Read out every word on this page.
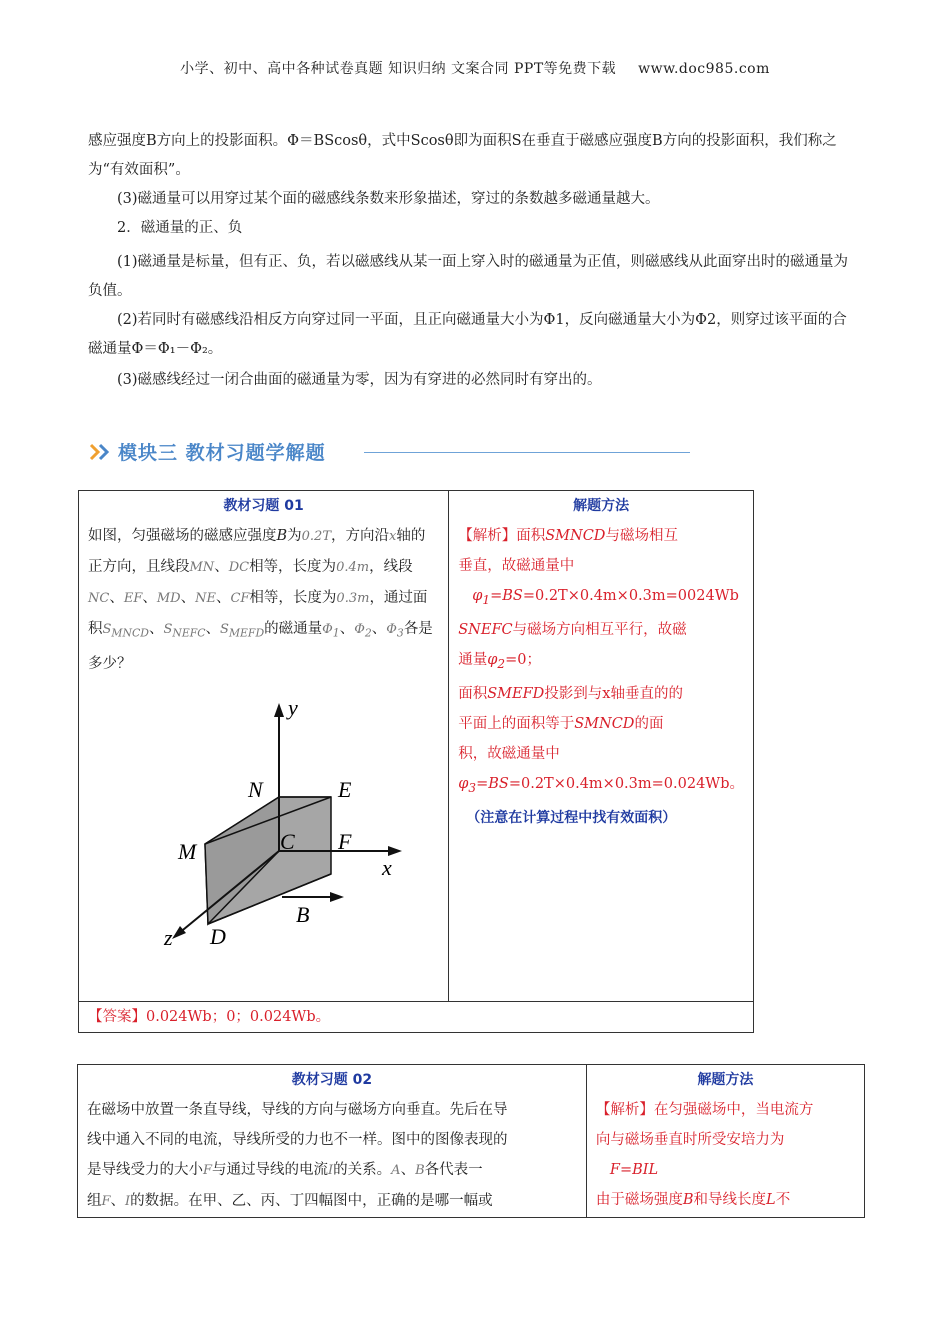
小学、初中、高中各种试卷真题 知识归纳 文案合同 PPT等免费下载 www.doc985.com
感应强度B方向上的投影面积。Φ＝BScosθ，式中Scosθ即为面积S在垂直于磁感应强度B方向的投影面积，我们称之为“有效面积”。
(3)磁通量可以用穿过某个面的磁感线条数来形象描述，穿过的条数越多磁通量越大。
2．磁通量的正、负
(1)磁通量是标量，但有正、负，若以磁感线从某一面上穿入时的磁通量为正值，则磁感线从此面穿出时的磁通量为负值。
(2)若同时有磁感线沿相反方向穿过同一平面，且正向磁通量大小为Φ1，反向磁通量大小为Φ2，则穿过该平面的合磁通量Φ＝Φ₁－Φ₂。
(3)磁感线经过一闭合曲面的磁通量为零，因为有穿进的必然同时有穿出的。
模块三 教材习题学解题
教材习题 01
如图，匀强磁场的磁感应强度B为0.2T，方向沿x轴的正方向，且线段MN、DC相等，长度为0.4m，线段NC、EF、MD、NE、CF相等，长度为0.3m，通过面积$S_{MNCD}$、$S_{NEFC}$、$S_{MEFD}$的磁通量$\Phi_1$、$\Phi_2$、$\Phi_3$各是多少？
y
x
z
N	E
C F
M
D
B

解题方法
【解析】面积SMNCD与磁场相互
垂直，故磁通量中
$\varphi_1=BS=0.2T\times 0.4m\times 0.3m=0024Wb$
SNEFC与磁场方向相互平行，故磁
通量$\varphi_2=0$；
面积SMEFD投影到与x轴垂直的的
平面上的面积等于SMNCD的面
积，故磁通量中
$\varphi_3=BS=0.2T\times 0.4m\times 0.3m=0.024Wb$。
（注意在计算过程中找有效面积）

【答案】0.024Wb；0；0.024Wb。
教材习题 02
在磁场中放置一条直导线，导线的方向与磁场方向垂直。先后在导
线中通入不同的电流，导线所受的力也不一样。图中的图像表现的
是导线受力的大小F与通过导线的电流I的关系。A、B各代表一
组F、I的数据。在甲、乙、丙、丁四幅图中，正确的是哪一幅或

解题方法
【解析】在匀强磁场中，当电流方
向与磁场垂直时所受安培力为
F=BIL
由于磁场强度B和导线长度L不
